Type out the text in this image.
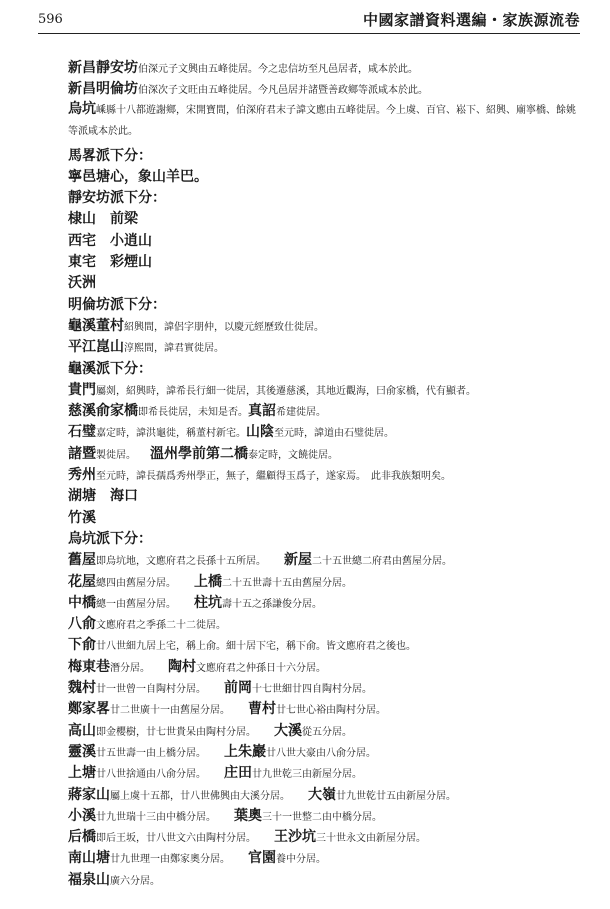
596	中國家譜資料選編・家族源流卷
新昌靜安坊伯深元子文興由五峰徙居。今之忠信坊至凡邑居者，咸本於此。
新昌明倫坊伯深次子文旺由五峰徙居。今凡邑居并諸暨善政鄉等派咸本於此。
烏坑嵊縣十八都遊謝鄉，宋開寶間，伯深府君末子諱文應由五峰徙居。今上虞、百官、崧下、紹興、廟寧橋、餘姚等派咸本於此。
馬畧派下分：
寧邑塘心，象山羊巴。
靜安坊派下分：
棣山 前梁
西宅 小逍山
東宅 彩煙山
沃洲
明倫坊派下分：
龜溪董村紹興間，諱侶字朋仲，以慶元經歷致仕徙居。
平江崑山淳熙間，諱君實徙居。
龜溪派下分：
貴門屬剡，紹興時，諱希長行細一徙居，其後遷慈溪，其地近觀海，曰俞家橋，代有顯者。
慈溪俞家橋即希長徙居，未知是否。真詔希建徙居。
石璧嘉定時，諱洪龜徙，稱董村新宅。山陰至元時，諱道由石璧徙居。
諸暨製徙居。 溫州學前第二橋泰定時，文饒徙居。
秀州至元時，諱長孺爲秀州學正，無子，繼顧得玉爲子，遂家焉。　此非我族類明矣。
湖塘 海口
竹溪
烏坑派下分：
舊屋即烏坑地，文應府君之長孫十五所居。 新屋二十五世總二府君由舊屋分居。
花屋總四由舊屋分居。 上橋二十五世壽十五由舊屋分居。
中橋總一由舊屋分居。 柱坑壽十五之孫謙俊分居。
八俞文應府君之季孫二十二徙居。
下俞廿八世細九居上宅，稱上俞。細十居下宅，稱下俞。皆文應府君之後也。
梅東巷潛分居。 陶村文應府君之仲孫日十六分居。
魏村廿一世曾一自陶村分居。 前岡十七世細廿四自陶村分居。
鄭家畧廿二世廣十一由舊屋分居。 曹村廿七世心裕由陶村分居。
高山即金櫻樹，廿七世貴呆由陶村分居。 大溪從五分居。
靈溪廿五世壽一由上橋分居。 上朱巖廿八世大豪由八俞分居。
上塘廿八世捨通由八俞分居。 庄田廿九世乾三由新屋分居。
蔣家山屬上虞十五都，廿八世佛興由大溪分居。 大嶺廿九世乾廿五由新屋分居。
小溪廿九世瑞十三由中橋分居。 葉奧三十一世整二由中橋分居。
后橋即后王坂，廿八世文六由陶村分居。 王沙坑三十世永文由新屋分居。
南山塘廿九世理一由鄭家奧分居。 官園養中分居。
福泉山廣六分居。
